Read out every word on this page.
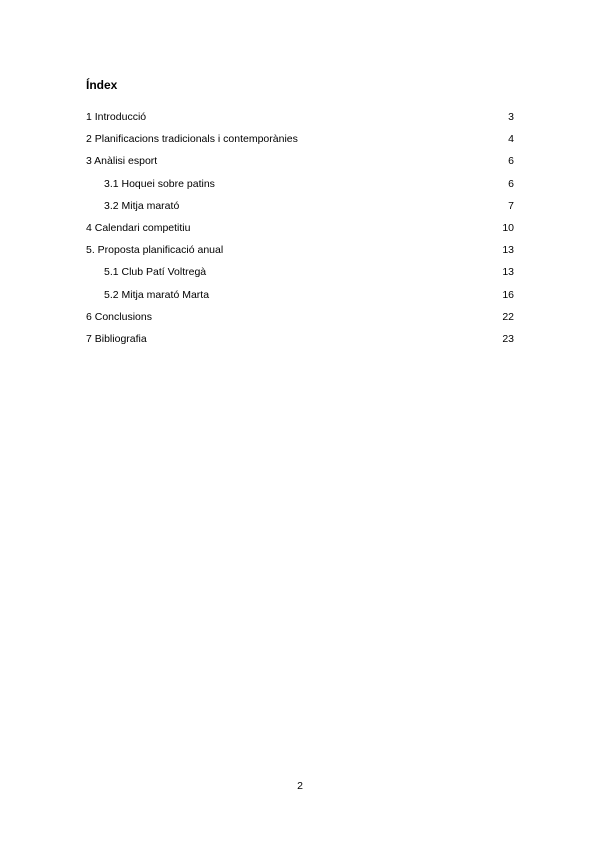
Índex
1 Introducció	3
2 Planificacions tradicionals i contemporànies	4
3 Anàlisi esport	6
3.1 Hoquei sobre patins	6
3.2 Mitja marató	7
4 Calendari competitiu	10
5. Proposta planificació anual	13
5.1 Club Patí Voltregà	13
5.2 Mitja marató Marta	16
6 Conclusions	22
7 Bibliografia	23
2
